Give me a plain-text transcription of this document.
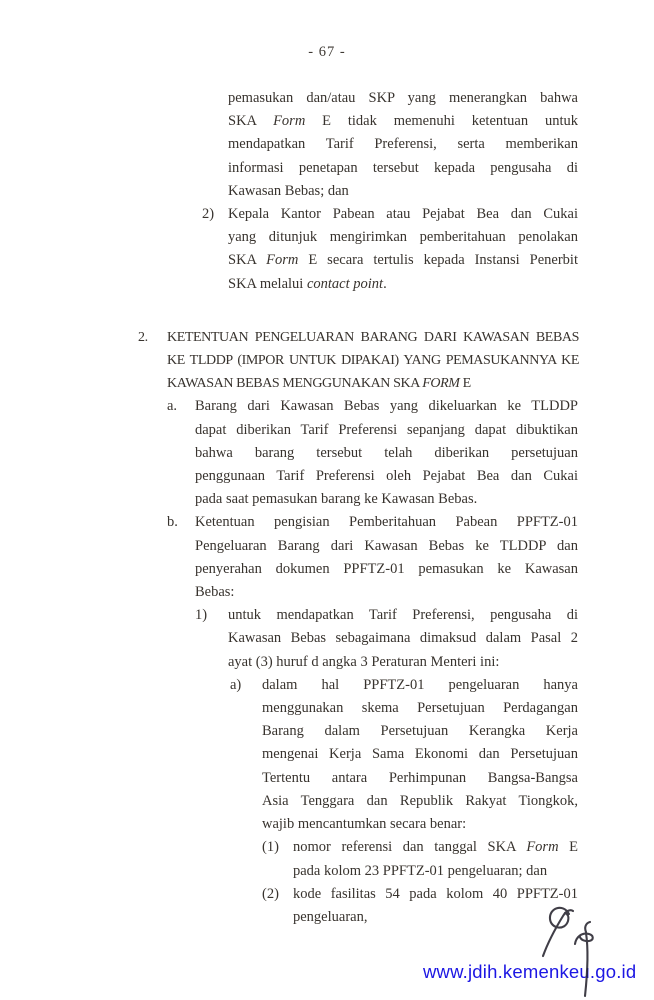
- 67 -
pemasukan dan/atau SKP yang menerangkan bahwa
SKA Form E tidak memenuhi ketentuan untuk
mendapatkan Tarif Preferensi, serta memberikan
informasi penetapan tersebut kepada pengusaha di
Kawasan Bebas; dan
2) Kepala Kantor Pabean atau Pejabat Bea dan Cukai
yang ditunjuk mengirimkan pemberitahuan penolakan
SKA Form E secara tertulis kepada Instansi Penerbit
SKA melalui contact point.
2. KETENTUAN PENGELUARAN BARANG DARI KAWASAN BEBAS
KE TLDDP (IMPOR UNTUK DIPAKAI) YANG PEMASUKANNYA KE
KAWASAN BEBAS MENGGUNAKAN SKA FORM E
a. Barang dari Kawasan Bebas yang dikeluarkan ke TLDDP
dapat diberikan Tarif Preferensi sepanjang dapat dibuktikan
bahwa barang tersebut telah diberikan persetujuan
penggunaan Tarif Preferensi oleh Pejabat Bea dan Cukai
pada saat pemasukan barang ke Kawasan Bebas.
b. Ketentuan pengisian Pemberitahuan Pabean PPFTZ-01
Pengeluaran Barang dari Kawasan Bebas ke TLDDP dan
penyerahan dokumen PPFTZ-01 pemasukan ke Kawasan
Bebas:
1) untuk mendapatkan Tarif Preferensi, pengusaha di
Kawasan Bebas sebagaimana dimaksud dalam Pasal 2
ayat (3) huruf d angka 3 Peraturan Menteri ini:
a) dalam hal PPFTZ-01 pengeluaran hanya
menggunakan skema Persetujuan Perdagangan
Barang dalam Persetujuan Kerangka Kerja
mengenai Kerja Sama Ekonomi dan Persetujuan
Tertentu antara Perhimpunan Bangsa-Bangsa
Asia Tenggara dan Republik Rakyat Tiongkok,
wajib mencantumkan secara benar:
(1) nomor referensi dan tanggal SKA Form E
pada kolom 23 PPFTZ-01 pengeluaran; dan
(2) kode fasilitas 54 pada kolom 40 PPFTZ-01
pengeluaran,
www.jdih.kemenkeu.go.id
